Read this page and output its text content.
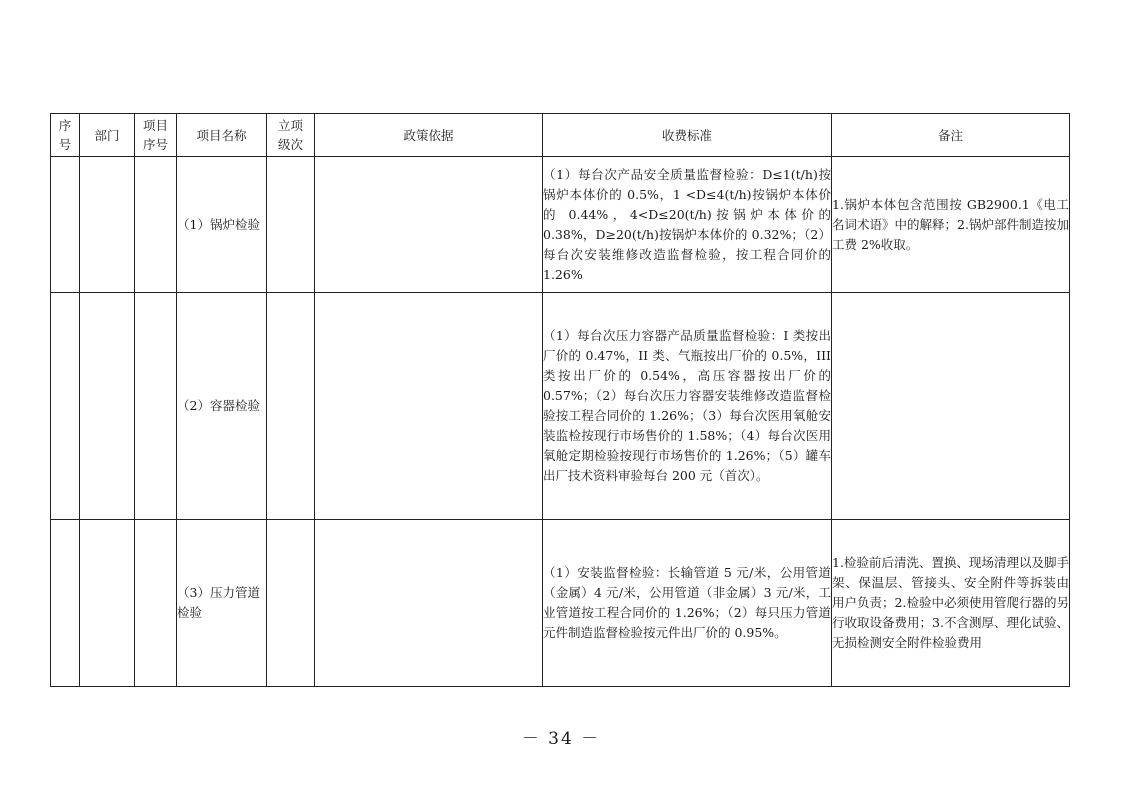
序号	部门	项目序号	项目名称	立项级次	政策依据	收费标准	备注
			（1）锅炉检验			（1）每台次产品安全质量监督检验：D≤1(t/h)按锅炉本体价的 0.5%，1 <D≤4(t/h)按锅炉本体价的 0.44%，4<D≤20(t/h)按锅炉本体价的 0.38%，D≥20(t/h)按锅炉本体价的 0.32%；（2）每台次安装维修改造监督检验，按工程合同价的 1.26%	1.锅炉本体包含范围按 GB2900.1《电工名词术语》中的解释；2.锅炉部件制造按加工费 2%收取。
			（2）容器检验			（1）每台次压力容器产品质量监督检验：I 类按出厂价的 0.47%，II 类、气瓶按出厂价的 0.5%，III 类按出厂价的 0.54%，高压容器按出厂价的 0.57%；（2）每台次压力容器安装维修改造监督检验按工程合同价的 1.26%；（3）每台次医用氧舱安装监检按现行市场售价的 1.58%；（4）每台次医用氧舱定期检验按现行市场售价的 1.26%；（5）罐车出厂技术资料审验每台 200 元（首次）。	
			（3）压力管道检验			（1）安装监督检验：长输管道 5 元/米，公用管道（金属）4 元/米，公用管道（非金属）3 元/米，工业管道按工程合同价的 1.26%；（2）每只压力管道元件制造监督检验按元件出厂价的 0.95%。	1.检验前后清洗、置换、现场清理以及脚手架、保温层、管接头、安全附件等拆装由用户负责；2.检验中必须使用管爬行器的另行收取设备费用；3.不含测厚、理化试验、无损检测安全附件检验费用
－ 34 －
